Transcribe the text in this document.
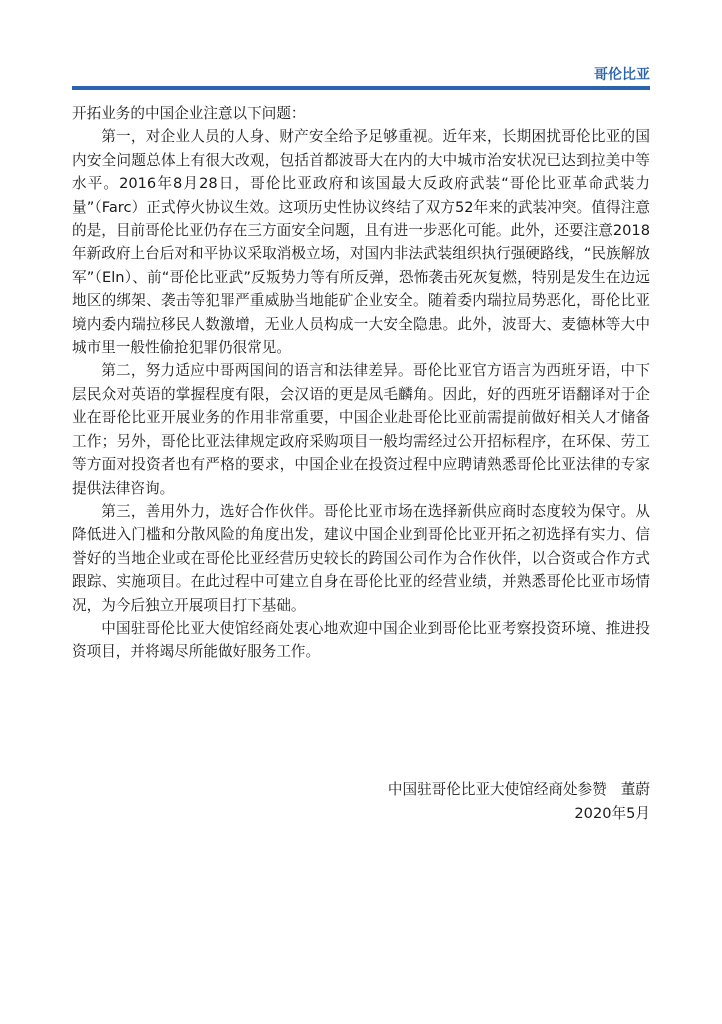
哥伦比亚

开拓业务的中国企业注意以下问题：

第一，对企业人员的人身、财产安全给予足够重视。近年来，长期困扰哥伦比亚的国内安全问题总体上有很大改观，包括首都波哥大在内的大中城市治安状况已达到拉美中等水平。2016年8月28日，哥伦比亚政府和该国最大反政府武装“哥伦比亚革命武装力量”（Farc）正式停火协议生效。这项历史性协议终结了双方52年来的武装冲突。值得注意的是，目前哥伦比亚仍存在三方面安全问题，且有进一步恶化可能。此外，还要注意2018年新政府上台后对和平协议采取消极立场，对国内非法武装组织执行强硬路线，“民族解放军”（Eln）、前“哥伦比亚武”反叛势力等有所反弹，恐怖袭击死灰复燃，特别是发生在边远地区的绑架、袭击等犯罪严重威胁当地能矿企业安全。随着委内瑞拉局势恶化，哥伦比亚境内委内瑞拉移民人数激增，无业人员构成一大安全隐患。此外，波哥大、麦德林等大中城市里一般性偷抢犯罪仍很常见。

第二，努力适应中哥两国间的语言和法律差异。哥伦比亚官方语言为西班牙语，中下层民众对英语的掌握程度有限，会汉语的更是凤毛麟角。因此，好的西班牙语翻译对于企业在哥伦比亚开展业务的作用非常重要，中国企业赴哥伦比亚前需提前做好相关人才储备工作；另外，哥伦比亚法律规定政府采购项目一般均需经过公开招标程序，在环保、劳工等方面对投资者也有严格的要求，中国企业在投资过程中应聘请熟悉哥伦比亚法律的专家提供法律咨询。

第三，善用外力，选好合作伙伴。哥伦比亚市场在选择新供应商时态度较为保守。从降低进入门槛和分散风险的角度出发，建议中国企业到哥伦比亚开拓之初选择有实力、信誉好的当地企业或在哥伦比亚经营历史较长的跨国公司作为合作伙伴，以合资或合作方式跟踪、实施项目。在此过程中可建立自身在哥伦比亚的经营业绩，并熟悉哥伦比亚市场情况，为今后独立开展项目打下基础。

中国驻哥伦比亚大使馆经商处衷心地欢迎中国企业到哥伦比亚考察投资环境、推进投资项目，并将竭尽所能做好服务工作。

中国驻哥伦比亚大使馆经商处参赞 董蔚
2020年5月
